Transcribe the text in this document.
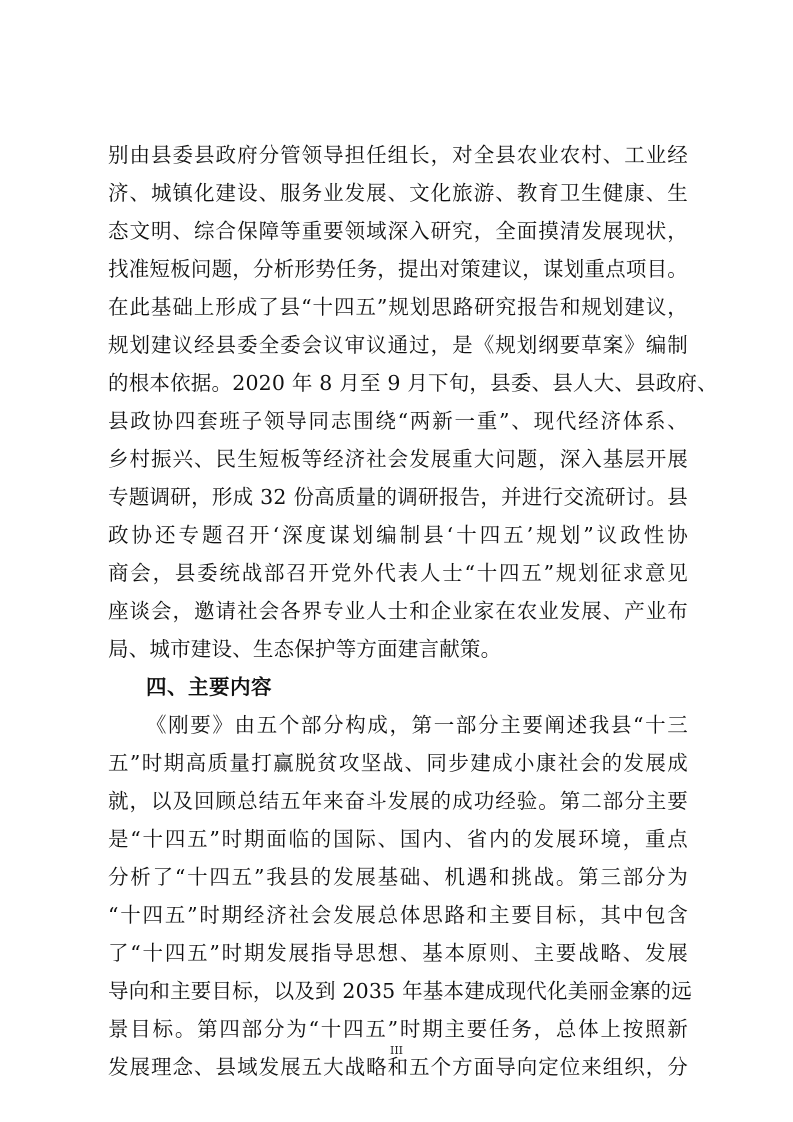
别由县委县政府分管领导担任组长，对全县农业农村、工业经
济、城镇化建设、服务业发展、文化旅游、教育卫生健康、生
态文明、综合保障等重要领域深入研究，全面摸清发展现状，
找准短板问题，分析形势任务，提出对策建议，谋划重点项目。
在此基础上形成了县“十四五”规划思路研究报告和规划建议，
规划建议经县委全委会议审议通过，是《规划纲要草案》编制
的根本依据。2020 年 8 月至 9 月下旬，县委、县人大、县政府、
县政协四套班子领导同志围绕“两新一重”、现代经济体系、
乡村振兴、民生短板等经济社会发展重大问题，深入基层开展
专题调研，形成 32 份高质量的调研报告，并进行交流研讨。县
政协还专题召开‘深度谋划编制县‘十四五’规划”议政性协
商会，县委统战部召开党外代表人士“十四五”规划征求意见
座谈会，邀请社会各界专业人士和企业家在农业发展、产业布
局、城市建设、生态保护等方面建言献策。
四、主要内容
《刚要》由五个部分构成，第一部分主要阐述我县“十三
五”时期高质量打赢脱贫攻坚战、同步建成小康社会的发展成
就，以及回顾总结五年来奋斗发展的成功经验。第二部分主要
是“十四五”时期面临的国际、国内、省内的发展环境，重点
分析了“十四五”我县的发展基础、机遇和挑战。第三部分为
“十四五”时期经济社会发展总体思路和主要目标，其中包含
了“十四五”时期发展指导思想、基本原则、主要战略、发展
导向和主要目标，以及到 2035 年基本建成现代化美丽金寨的远
景目标。第四部分为“十四五”时期主要任务，总体上按照新
发展理念、县域发展五大战略和五个方面导向定位来组织，分
III
